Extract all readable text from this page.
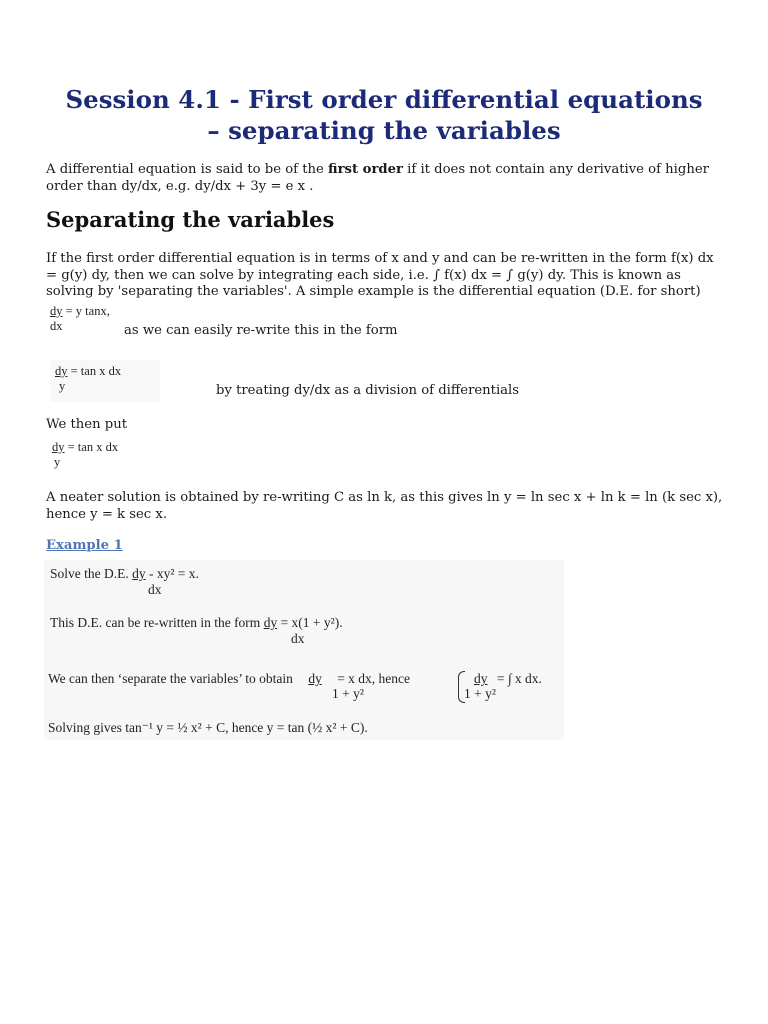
Session 4.1 - First order differential equations
– separating the variables

A differential equation is said to be of the first order if it does not contain any derivative of higher order than dy/dx, e.g. dy/dx + 3y = e x .

Separating the variables

If the first order differential equation is in terms of x and y and can be re-written in the form f(x) dx = g(y) dy, then we can solve by integrating each side, i.e. ∫ f(x) dx = ∫ g(y) dy. This is known as solving by 'separating the variables'. A simple example is the differential equation (D.E. for short)

dy = y tanx,
dx	as we can easily re-write this in the form
dy = tan x dx
y	by treating dy/dx as a division of differentials
We then put
dy = tan x dx
y

A neater solution is obtained by re-writing C as ln k, as this gives ln y = ln sec x + ln k = ln (k sec x), hence y = k sec x.

Example 1

Solve the D.E. dy - xy² = x.
dx
This D.E. can be re-written in the form dy = x(1 + y²).
dx
We can then ‘separate the variables’ to obtain dy = x dx, hence
1 + y²
dy = ∫ x dx.
1 + y²
Solving gives tan⁻¹ y = ½ x² + C, hence y = tan (½ x² + C).
